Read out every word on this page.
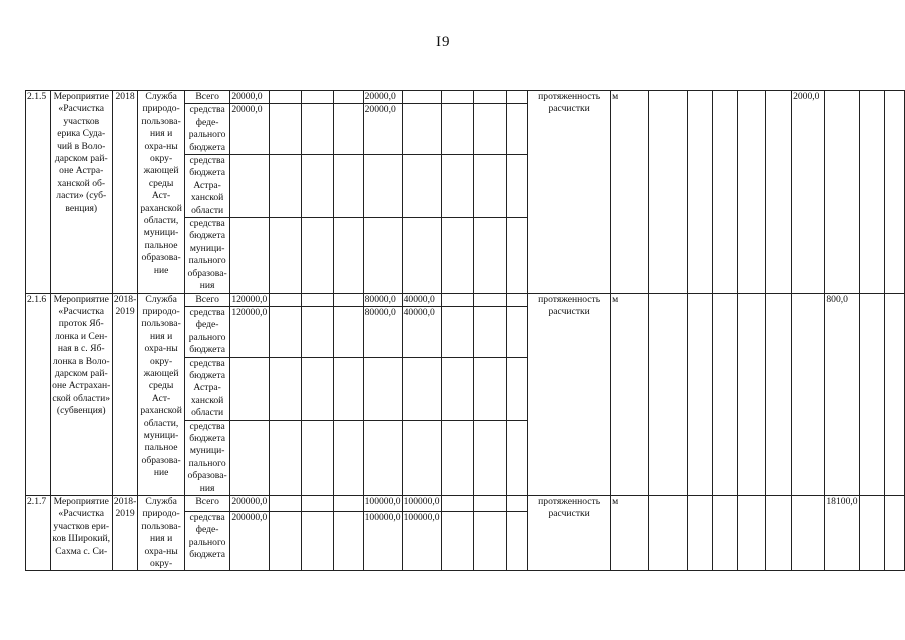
I9
2.1.5	Мероприятие «Расчистка участков ерика Суда-чий в Воло-дарском рай-оне Астра-ханской об-ласти» (суб-венция)	2018	Служба природо-пользова-ния и охра-ны окру-жающей среды Аст-раханской области, муници-пальное образова-ние	Всего	20000,0				20000,0					протяженность расчистки	м						2000,0			
				средства феде-рального бюджета	20000,0				20000,0															
				средства бюджета Астра-ханской области																				
				средства бюджета муници-пального образова-ния																				
2.1.6	Мероприятие «Расчистка проток Яб-лонка и Сен-ная в с. Яб-лонка в Воло-дарском рай-оне Астрахан-ской области» (субвенция)	2018-2019	Служба природо-пользова-ния и охра-ны окру-жающей среды Аст-раханской области, муници-пальное образова-ние	Всего	120000,0				80000,0	40000,0				протяженность расчистки	м							800,0		
				средства феде-рального бюджета	120000,0				80000,0	40000,0														
				средства бюджета Астра-ханской области																				
				средства бюджета муници-пального образова-ния																				
2.1.7	Мероприятие «Расчистка участков ери-ков Широкий, Сахма с. Си-	2018-2019	Служба природо-пользова-ния и охра-ны окру-	Всего	200000,0				100000,0	100000,0				протяженность расчистки	м							18100,0		
				средства феде-рального бюджета	200000,0				100000,0	100000,0														
